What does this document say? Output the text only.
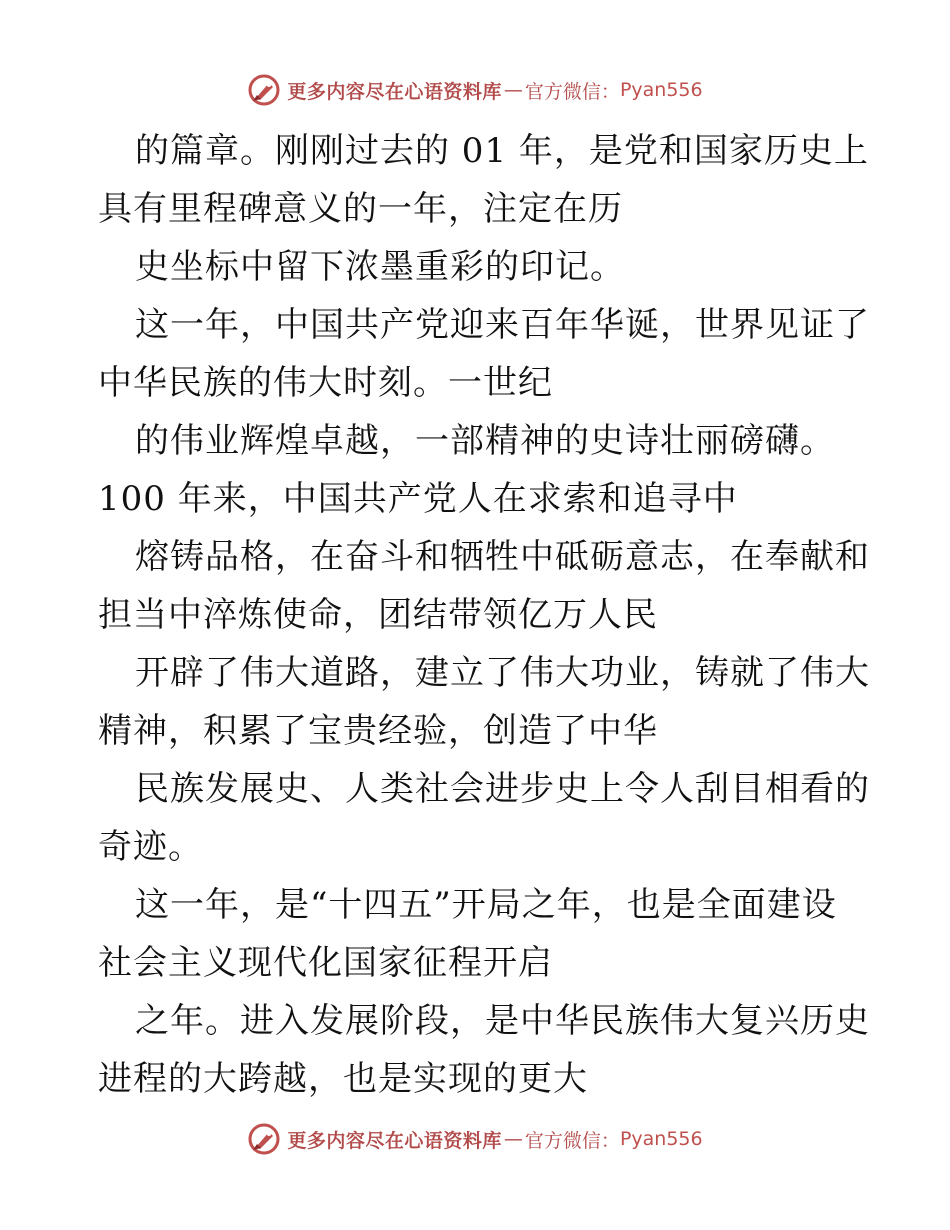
更多内容尽在心语资料库 — 官方微信： Pyan556
的篇章。刚刚过去的 01 年，是党和国家历史上
具有里程碑意义的一年，注定在历
史坐标中留下浓墨重彩的印记。
这一年，中国共产党迎来百年华诞，世界见证了
中华民族的伟大时刻。一世纪
的伟业辉煌卓越，一部精神的史诗壮丽磅礴。
100 年来，中国共产党人在求索和追寻中
熔铸品格，在奋斗和牺牲中砥砺意志，在奉献和
担当中淬炼使命，团结带领亿万人民
开辟了伟大道路，建立了伟大功业，铸就了伟大
精神，积累了宝贵经验，创造了中华
民族发展史、人类社会进步史上令人刮目相看的
奇迹。
这一年，是“十四五”开局之年，也是全面建设
社会主义现代化国家征程开启
之年。进入发展阶段，是中华民族伟大复兴历史
进程的大跨越，也是实现的更大
更多内容尽在心语资料库 — 官方微信： Pyan556
